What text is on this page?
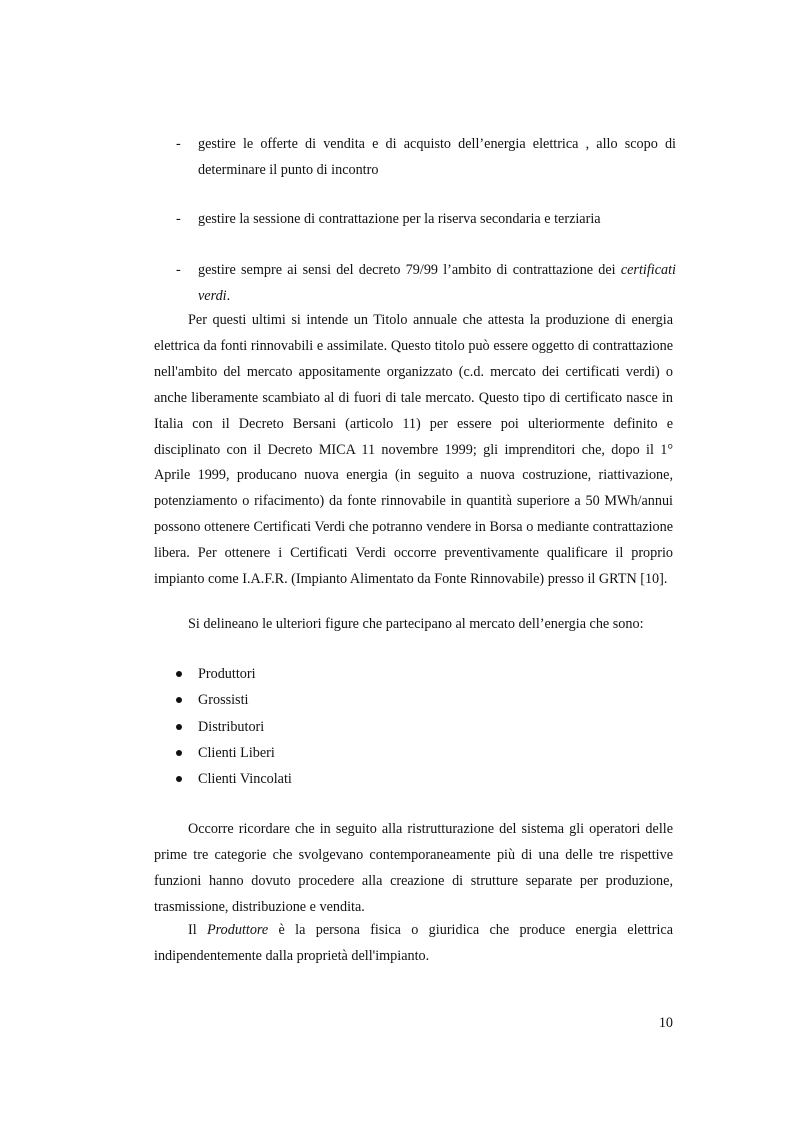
-	gestire le offerte di vendita e di acquisto dell’energia elettrica , allo scopo di determinare il punto di incontro
-	gestire la sessione di contrattazione per la riserva secondaria e terziaria
-	gestire sempre ai sensi del decreto 79/99 l’ambito di contrattazione dei certificati verdi.

Per questi ultimi si intende un Titolo annuale che attesta la produzione di energia elettrica da fonti rinnovabili e assimilate. Questo titolo può essere oggetto di contrattazione nell'ambito del mercato appositamente organizzato (c.d. mercato dei certificati verdi) o anche liberamente scambiato al di fuori di tale mercato. Questo tipo di certificato nasce in Italia con il Decreto Bersani (articolo 11) per essere poi ulteriormente definito e disciplinato con il Decreto MICA 11 novembre 1999; gli imprenditori che, dopo il 1° Aprile 1999, producano nuova energia (in seguito a nuova costruzione, riattivazione, potenziamento o rifacimento) da fonte rinnovabile in quantità superiore a 50 MWh/annui possono ottenere Certificati Verdi che potranno vendere in Borsa o mediante contrattazione libera. Per ottenere i Certificati Verdi occorre preventivamente qualificare il proprio impianto come I.A.F.R. (Impianto Alimentato da Fonte Rinnovabile) presso il GRTN [10].

Si delineano le ulteriori figure che partecipano al mercato dell’energia che sono:

Produttori
Grossisti
Distributori
Clienti Liberi
Clienti Vincolati

Occorre ricordare che in seguito alla ristrutturazione del sistema gli operatori delle prime tre categorie che svolgevano contemporaneamente più di una delle tre rispettive funzioni hanno dovuto procedere alla creazione di strutture separate per produzione, trasmissione, distribuzione e vendita.

Il Produttore è la persona fisica o giuridica che produce energia elettrica indipendentemente dalla proprietà dell'impianto.

10
